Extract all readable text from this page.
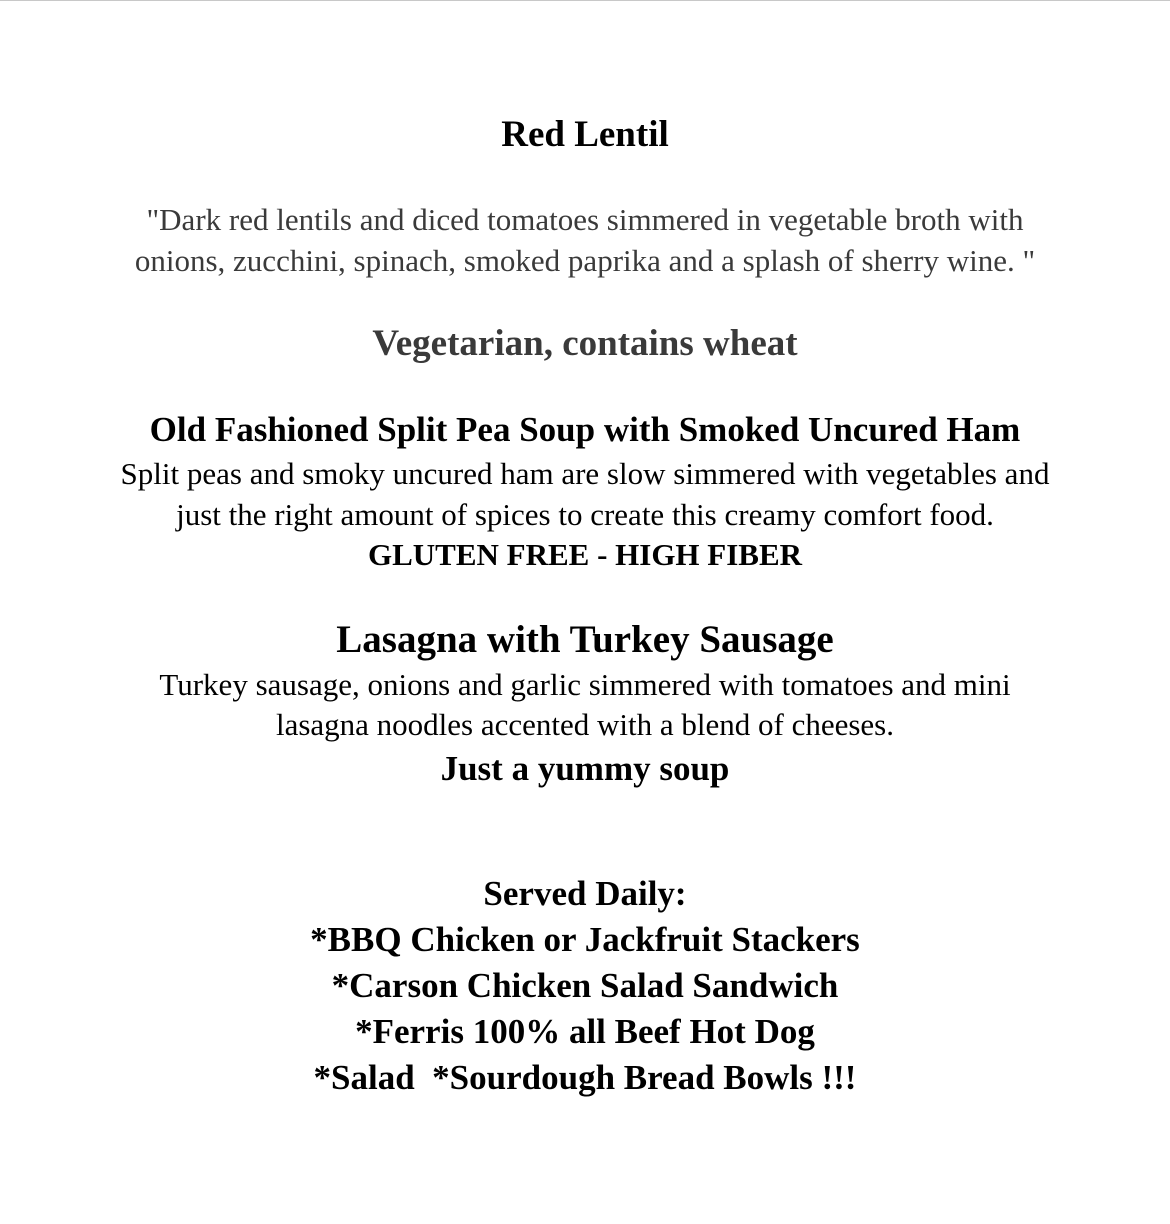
Red Lentil
"Dark red lentils and diced tomatoes simmered in vegetable broth with
onions, zucchini, spinach, smoked paprika and a splash of sherry wine. "
Vegetarian, contains wheat
Old Fashioned Split Pea Soup with Smoked Uncured Ham
Split peas and smoky uncured ham are slow simmered with vegetables and
just the right amount of spices to create this creamy comfort food.
GLUTEN FREE - HIGH FIBER
Lasagna with Turkey Sausage
Turkey sausage, onions and garlic simmered with tomatoes and mini
lasagna noodles accented with a blend of cheeses.
Just a yummy soup
Served Daily:
*BBQ Chicken or Jackfruit Stackers
*Carson Chicken Salad Sandwich
*Ferris 100% all Beef Hot Dog
*Salad  *Sourdough Bread Bowls !!!
